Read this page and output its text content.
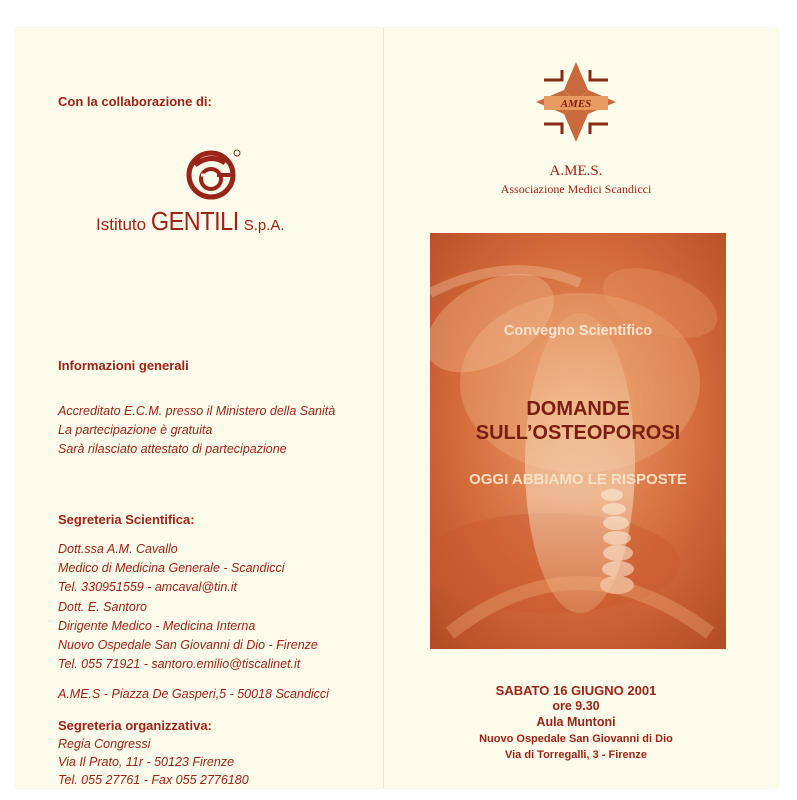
Con la collaborazione di:
Istituto GENTILI S.p.A.
Informazioni generali
Accreditato E.C.M. presso il Ministero della Sanità
La partecipazione è gratuita
Sarà rilasciato attestato di partecipazione
Segreteria Scientifica:
Dott.ssa A.M. Cavallo
Medico di Medicina Generale - Scandicci
Tel. 330951559 - amcaval@tin.it
Dott. E. Santoro
Dirigente Medico - Medicina Interna
Nuovo Ospedale San Giovanni di Dio - Firenze
Tel. 055 71921 - santoro.emilio@tiscalinet.it
A.ME.S - Piazza De Gasperi,5 - 50018 Scandicci
Segreteria organizzativa:
Regia Congressi
Via Il Prato, 11r - 50123 Firenze
Tel. 055 27761 - Fax 055 2776180
AMES
A.ME.S.
Associazione Medici Scandicci
Convegno Scientifico
DOMANDE
SULL’OSTEOPOROSI
OGGI ABBIAMO LE RISPOSTE
SABATO 16 GIUGNO 2001
ore 9.30
Aula Muntoni
Nuovo Ospedale San Giovanni di Dio
Via di Torregalli, 3 - Firenze
